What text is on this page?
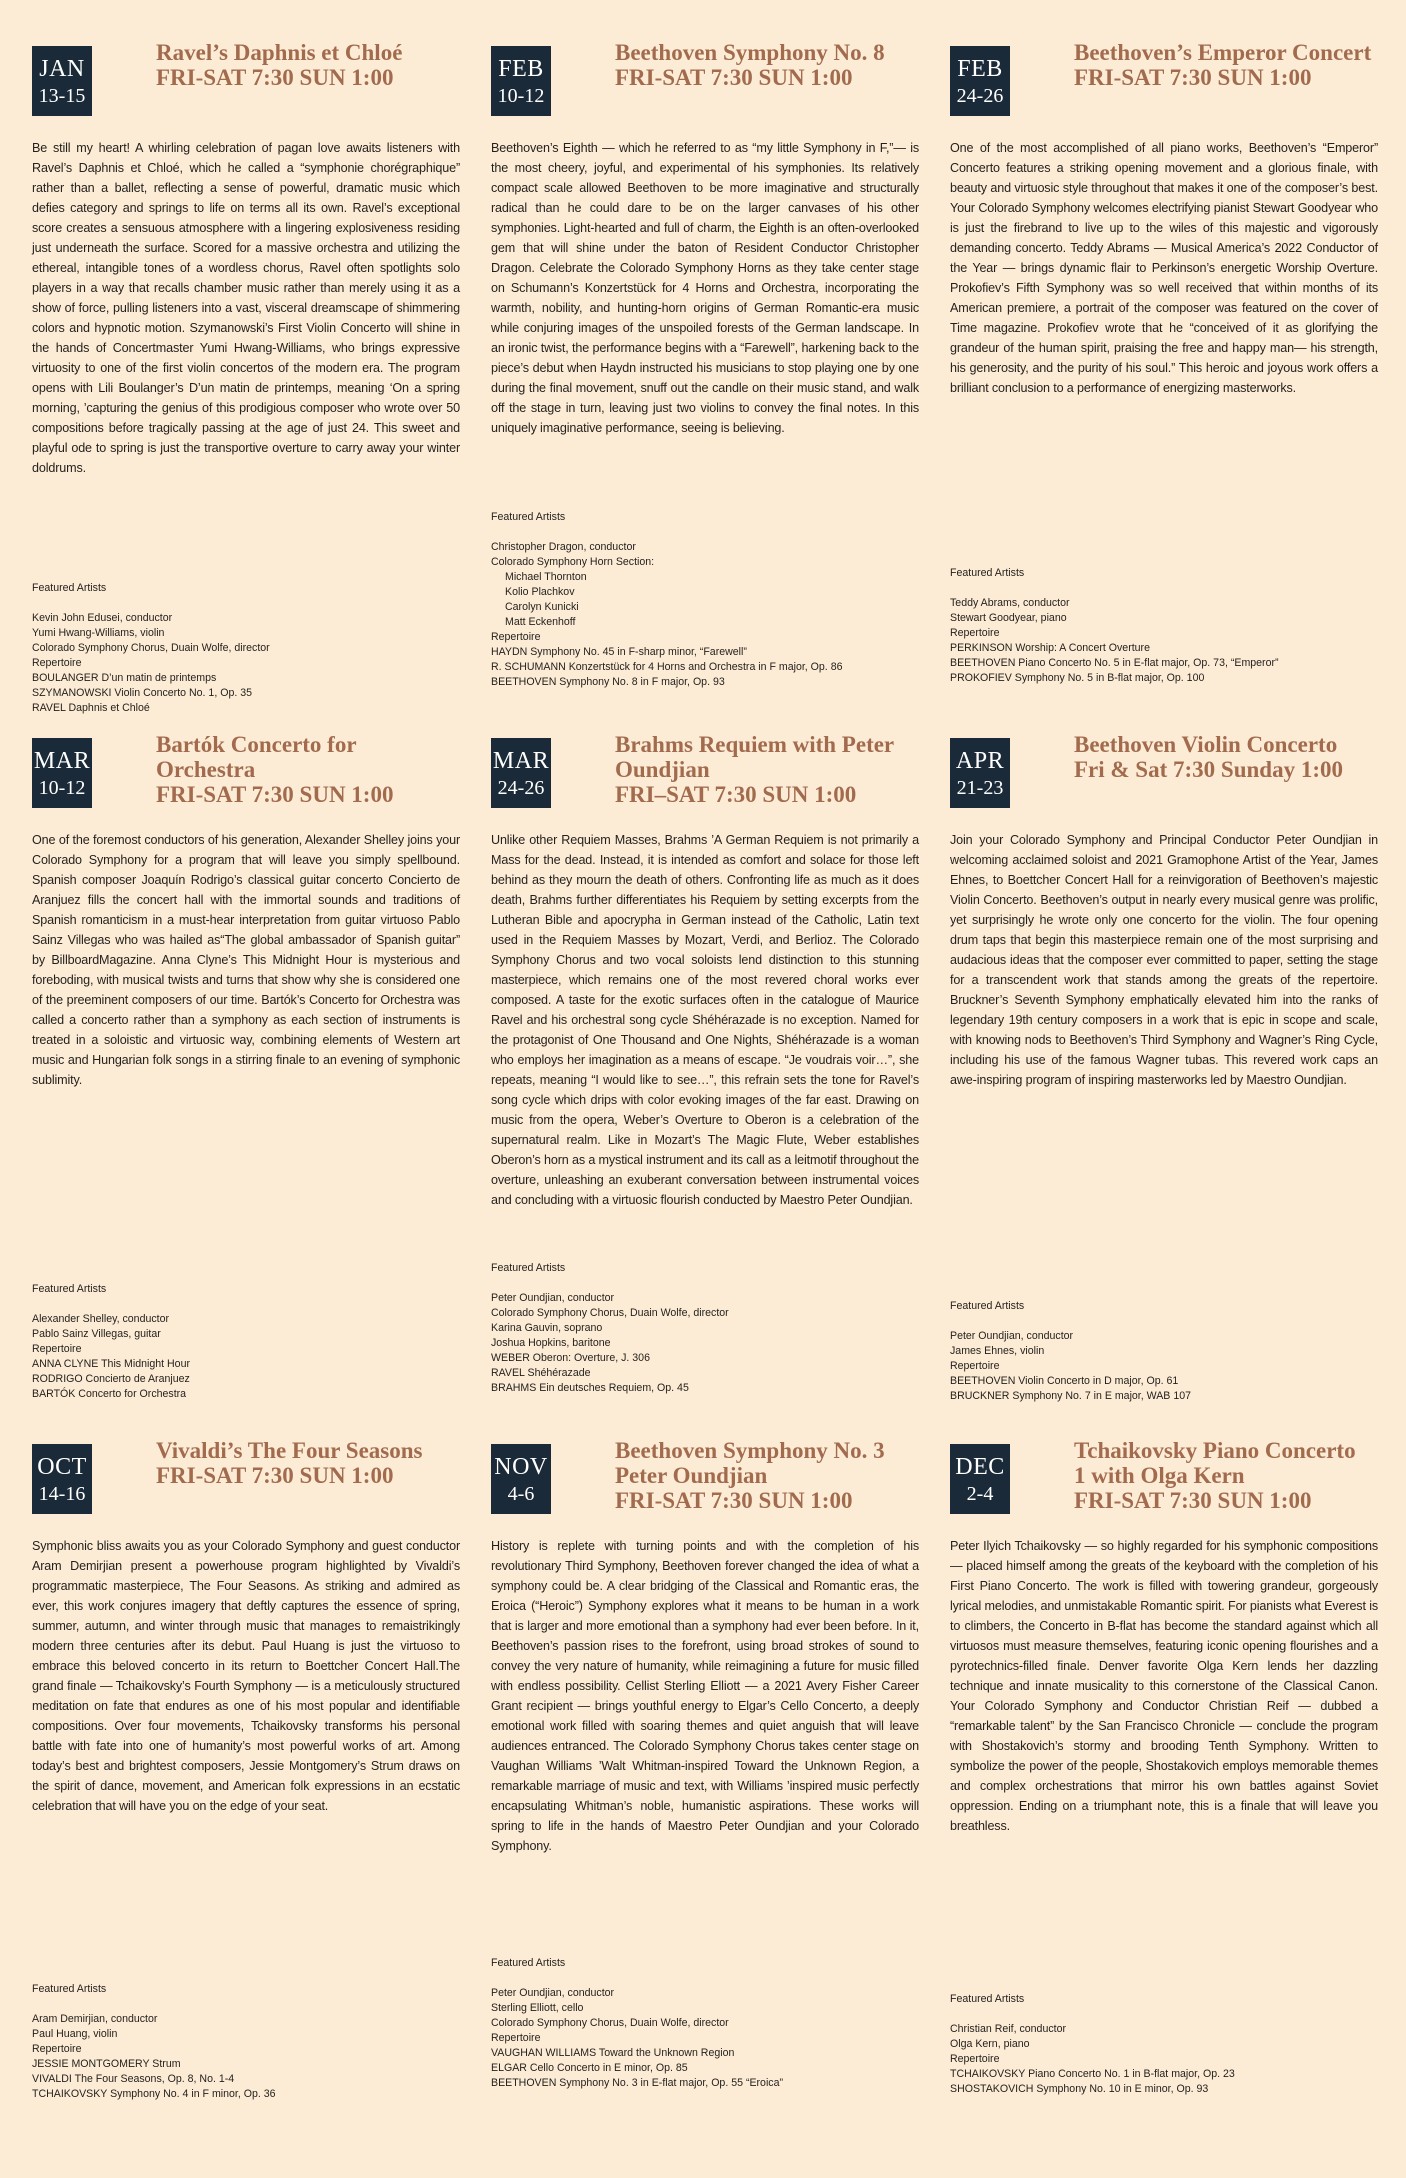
JAN
13-15
Ravel’s Daphnis et Chloé
FRI-SAT 7:30 SUN 1:00

Be still my heart! A whirling celebration of pagan love awaits listeners with Ravel’s Daphnis et Chloé, which he called a “symphonie chorégraphique” rather than a ballet, reflecting a sense of powerful, dramatic music which defies category and springs to life on terms all its own. Ravel’s exceptional score creates a sensuous atmosphere with a lingering explosiveness residing just underneath the surface. Scored for a massive orchestra and utilizing the ethereal, intangible tones of a wordless chorus, Ravel often spotlights solo players in a way that recalls chamber music rather than merely using it as a show of force, pulling listeners into a vast, visceral dreamscape of shimmering colors and hypnotic motion. Szymanowski’s First Violin Concerto will shine in the hands of Concertmaster Yumi Hwang-Williams, who brings expressive virtuosity to one of the first violin concertos of the modern era. The program opens with Lili Boulanger’s D’un matin de printemps, meaning ‘On a spring morning, ’capturing the genius of this prodigious composer who wrote over 50 compositions before tragically passing at the age of just 24. This sweet and playful ode to spring is just the transportive overture to carry away your winter doldrums.

Featured Artists
Kevin John Edusei, conductor
Yumi Hwang-Williams, violin
Colorado Symphony Chorus, Duain Wolfe, director
Repertoire
BOULANGER D’un matin de printemps
SZYMANOWSKI Violin Concerto No. 1, Op. 35
RAVEL Daphnis et Chloé
FEB
10-12
Beethoven Symphony No. 8
FRI-SAT 7:30 SUN 1:00

Beethoven’s Eighth — which he referred to as “my little Symphony in F,”— is the most cheery, joyful, and experimental of his symphonies. Its relatively compact scale allowed Beethoven to be more imaginative and structurally radical than he could dare to be on the larger canvases of his other symphonies. Light-hearted and full of charm, the Eighth is an often-overlooked gem that will shine under the baton of Resident Conductor Christopher Dragon. Celebrate the Colorado Symphony Horns as they take center stage on Schumann’s Konzertstück for 4 Horns and Orchestra, incorporating the warmth, nobility, and hunting-horn origins of German Romantic-era music while conjuring images of the unspoiled forests of the German landscape. In an ironic twist, the performance begins with a “Farewell”, harkening back to the piece’s debut when Haydn instructed his musicians to stop playing one by one during the final movement, snuff out the candle on their music stand, and walk off the stage in turn, leaving just two violins to convey the final notes. In this uniquely imaginative performance, seeing is believing.

Featured Artists
Christopher Dragon, conductor
Colorado Symphony Horn Section:
Michael Thornton
Kolio Plachkov
Carolyn Kunicki
Matt Eckenhoff
Repertoire
HAYDN Symphony No. 45 in F-sharp minor, “Farewell”
R. SCHUMANN Konzertstück for 4 Horns and Orchestra in F major, Op. 86
BEETHOVEN Symphony No. 8 in F major, Op. 93
FEB
24-26
Beethoven’s Emperor Concert
FRI-SAT 7:30 SUN 1:00

One of the most accomplished of all piano works, Beethoven’s “Emperor” Concerto features a striking opening movement and a glorious finale, with beauty and virtuosic style throughout that makes it one of the composer’s best. Your Colorado Symphony welcomes electrifying pianist Stewart Goodyear who is just the firebrand to live up to the wiles of this majestic and vigorously demanding concerto. Teddy Abrams — Musical America’s 2022 Conductor of the Year — brings dynamic flair to Perkinson’s energetic Worship Overture. Prokofiev’s Fifth Symphony was so well received that within months of its American premiere, a portrait of the composer was featured on the cover of Time magazine. Prokofiev wrote that he “conceived of it as glorifying the grandeur of the human spirit, praising the free and happy man— his strength, his generosity, and the purity of his soul.” This heroic and joyous work offers a brilliant conclusion to a performance of energizing masterworks.

Featured Artists
Teddy Abrams, conductor
Stewart Goodyear, piano
Repertoire
PERKINSON Worship: A Concert Overture
BEETHOVEN Piano Concerto No. 5 in E-flat major, Op. 73, “Emperor”
PROKOFIEV Symphony No. 5 in B-flat major, Op. 100
MAR
10-12
Bartók Concerto for Orchestra
FRI-SAT 7:30 SUN 1:00

One of the foremost conductors of his generation, Alexander Shelley joins your Colorado Symphony for a program that will leave you simply spellbound. Spanish composer Joaquín Rodrigo’s classical guitar concerto Concierto de Aranjuez fills the concert hall with the immortal sounds and traditions of Spanish romanticism in a must-hear interpretation from guitar virtuoso Pablo Sainz Villegas who was hailed as“The global ambassador of Spanish guitar” by BillboardMagazine. Anna Clyne’s This Midnight Hour is mysterious and foreboding, with musical twists and turns that show why she is considered one of the preeminent composers of our time. Bartók’s Concerto for Orchestra was called a concerto rather than a symphony as each section of instruments is treated in a soloistic and virtuosic way, combining elements of Western art music and Hungarian folk songs in a stirring finale to an evening of symphonic sublimity.

Featured Artists
Alexander Shelley, conductor
Pablo Sainz Villegas, guitar
Repertoire
ANNA CLYNE This Midnight Hour
RODRIGO Concierto de Aranjuez
BARTÓK Concerto for Orchestra
MAR
24-26
Brahms Requiem with Peter
Oundjian
FRI–SAT 7:30 SUN 1:00

Unlike other Requiem Masses, Brahms ’A German Requiem is not primarily a Mass for the dead. Instead, it is intended as comfort and solace for those left behind as they mourn the death of others. Confronting life as much as it does death, Brahms further differentiates his Requiem by setting excerpts from the Lutheran Bible and apocrypha in German instead of the Catholic, Latin text used in the Requiem Masses by Mozart, Verdi, and Berlioz. The Colorado Symphony Chorus and two vocal soloists lend distinction to this stunning masterpiece, which remains one of the most revered choral works ever composed. A taste for the exotic surfaces often in the catalogue of Maurice Ravel and his orchestral song cycle Shéhérazade is no exception. Named for the protagonist of One Thousand and One Nights, Shéhérazade is a woman who employs her imagination as a means of escape. “Je voudrais voir…”, she repeats, meaning “I would like to see…”, this refrain sets the tone for Ravel’s song cycle which drips with color evoking images of the far east. Drawing on music from the opera, Weber’s Overture to Oberon is a celebration of the supernatural realm. Like in Mozart’s The Magic Flute, Weber establishes Oberon’s horn as a mystical instrument and its call as a leitmotif throughout the overture, unleashing an exuberant conversation between instrumental voices and concluding with a virtuosic flourish conducted by Maestro Peter Oundjian.

Featured Artists
Peter Oundjian, conductor
Colorado Symphony Chorus, Duain Wolfe, director
Karina Gauvin, soprano
Joshua Hopkins, baritone
WEBER Oberon: Overture, J. 306
RAVEL Shéhérazade
BRAHMS Ein deutsches Requiem, Op. 45
APR
21-23
Beethoven Violin Concerto
Fri & Sat 7:30 Sunday 1:00

Join your Colorado Symphony and Principal Conductor Peter Oundjian in welcoming acclaimed soloist and 2021 Gramophone Artist of the Year, James Ehnes, to Boettcher Concert Hall for a reinvigoration of Beethoven’s majestic Violin Concerto. Beethoven’s output in nearly every musical genre was prolific, yet surprisingly he wrote only one concerto for the violin. The four opening drum taps that begin this masterpiece remain one of the most surprising and audacious ideas that the composer ever committed to paper, setting the stage for a transcendent work that stands among the greats of the repertoire. Bruckner’s Seventh Symphony emphatically elevated him into the ranks of legendary 19th century composers in a work that is epic in scope and scale, with knowing nods to Beethoven’s Third Symphony and Wagner’s Ring Cycle, including his use of the famous Wagner tubas. This revered work caps an awe-inspiring program of inspiring masterworks led by Maestro Oundjian.

Featured Artists
Peter Oundjian, conductor
James Ehnes, violin
Repertoire
BEETHOVEN Violin Concerto in D major, Op. 61
BRUCKNER Symphony No. 7 in E major, WAB 107
OCT
14-16
Vivaldi’s The Four Seasons
FRI-SAT 7:30 SUN 1:00

Symphonic bliss awaits you as your Colorado Symphony and guest conductor Aram Demirjian present a powerhouse program highlighted by Vivaldi’s programmatic masterpiece, The Four Seasons. As striking and admired as ever, this work conjures imagery that deftly captures the essence of spring, summer, autumn, and winter through music that manages to remaistrikingly modern three centuries after its debut. Paul Huang is just the virtuoso to embrace this beloved concerto in its return to Boettcher Concert Hall.The grand finale — Tchaikovsky’s Fourth Symphony — is a meticulously structured meditation on fate that endures as one of his most popular and identifiable compositions. Over four movements, Tchaikovsky transforms his personal battle with fate into one of humanity’s most powerful works of art. Among today’s best and brightest composers, Jessie Montgomery’s Strum draws on the spirit of dance, movement, and American folk expressions in an ecstatic celebration that will have you on the edge of your seat.

Featured Artists
Aram Demirjian, conductor
Paul Huang, violin
Repertoire
JESSIE MONTGOMERY Strum
VIVALDI The Four Seasons, Op. 8, No. 1-4
TCHAIKOVSKY Symphony No. 4 in F minor, Op. 36
NOV
4-6
Beethoven Symphony No. 3
Peter Oundjian
FRI-SAT 7:30 SUN 1:00

History is replete with turning points and with the completion of his revolutionary Third Symphony, Beethoven forever changed the idea of what a symphony could be. A clear bridging of the Classical and Romantic eras, the Eroica (“Heroic”) Symphony explores what it means to be human in a work that is larger and more emotional than a symphony had ever been before. In it, Beethoven’s passion rises to the forefront, using broad strokes of sound to convey the very nature of humanity, while reimagining a future for music filled with endless possibility. Cellist Sterling Elliott — a 2021 Avery Fisher Career Grant recipient — brings youthful energy to Elgar’s Cello Concerto, a deeply emotional work filled with soaring themes and quiet anguish that will leave audiences entranced. The Colorado Symphony Chorus takes center stage on Vaughan Williams ’Walt Whitman-inspired Toward the Unknown Region, a remarkable marriage of music and text, with Williams ’inspired music perfectly encapsulating Whitman’s noble, humanistic aspirations. These works will spring to life in the hands of Maestro Peter Oundjian and your Colorado Symphony.

Featured Artists
Peter Oundjian, conductor
Sterling Elliott, cello
Colorado Symphony Chorus, Duain Wolfe, director
Repertoire
VAUGHAN WILLIAMS Toward the Unknown Region
ELGAR Cello Concerto in E minor, Op. 85
BEETHOVEN Symphony No. 3 in E-flat major, Op. 55 “Eroica”
DEC
2-4
Tchaikovsky Piano Concerto
1 with Olga Kern
FRI-SAT 7:30 SUN 1:00

Peter Ilyich Tchaikovsky — so highly regarded for his symphonic compositions — placed himself among the greats of the keyboard with the completion of his First Piano Concerto. The work is filled with towering grandeur, gorgeously lyrical melodies, and unmistakable Romantic spirit. For pianists what Everest is to climbers, the Concerto in B-flat has become the standard against which all virtuosos must measure themselves, featuring iconic opening flourishes and a pyrotechnics-filled finale. Denver favorite Olga Kern lends her dazzling technique and innate musicality to this cornerstone of the Classical Canon. Your Colorado Symphony and Conductor Christian Reif — dubbed a “remarkable talent” by the San Francisco Chronicle — conclude the program with Shostakovich’s stormy and brooding Tenth Symphony. Written to symbolize the power of the people, Shostakovich employs memorable themes and complex orchestrations that mirror his own battles against Soviet oppression. Ending on a triumphant note, this is a finale that will leave you breathless.

Featured Artists
Christian Reif, conductor
Olga Kern, piano
Repertoire
TCHAIKOVSKY Piano Concerto No. 1 in B-flat major, Op. 23
SHOSTAKOVICH Symphony No. 10 in E minor, Op. 93
